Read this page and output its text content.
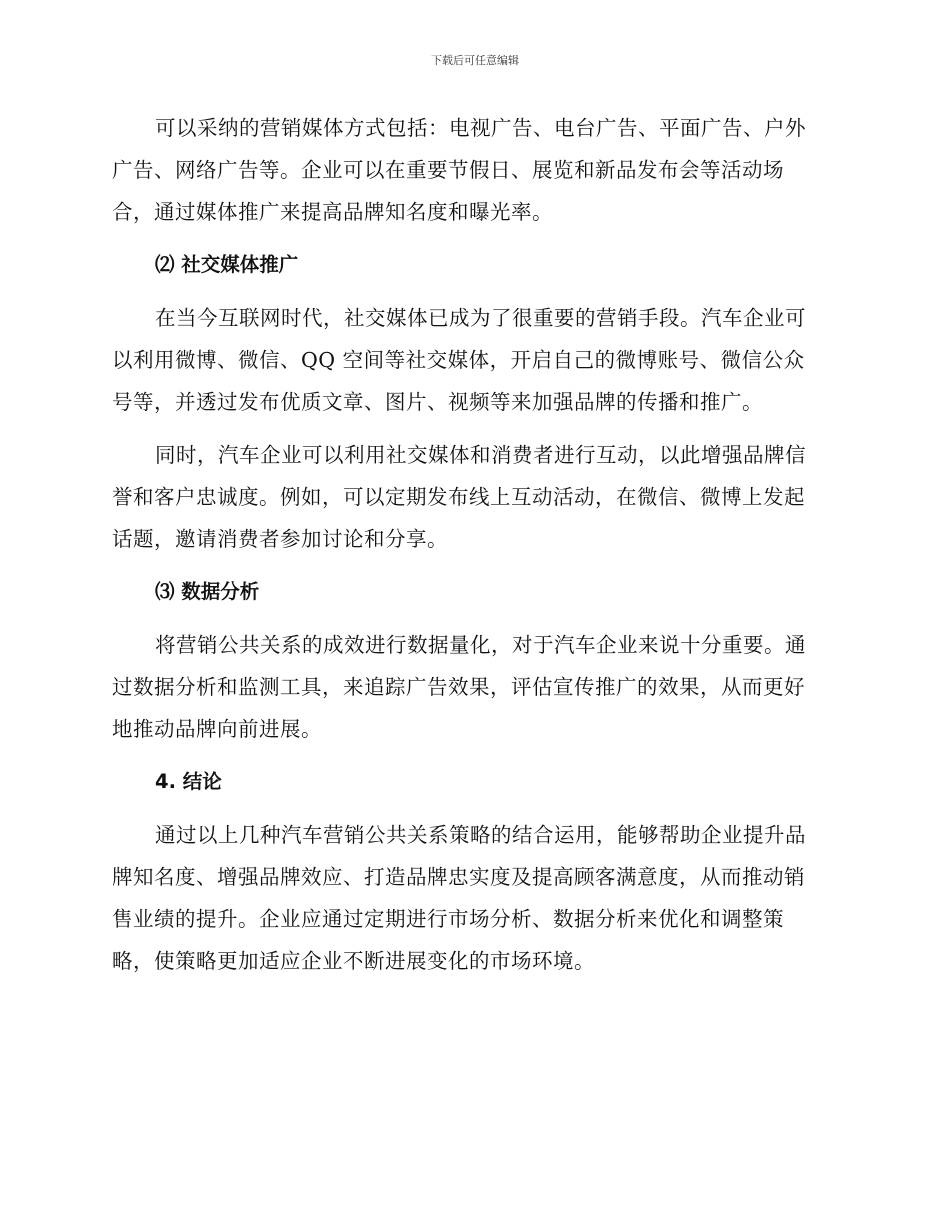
下载后可任意编辑

可以采纳的营销媒体方式包括：电视广告、电台广告、平面广告、户外
广告、网络广告等。企业可以在重要节假日、展览和新品发布会等活动场
合，通过媒体推广来提高品牌知名度和曝光率。

⑵ 社交媒体推广

在当今互联网时代，社交媒体已成为了很重要的营销手段。汽车企业可
以利用微博、微信、QQ 空间等社交媒体，开启自己的微博账号、微信公众
号等，并透过发布优质文章、图片、视频等来加强品牌的传播和推广。

同时，汽车企业可以利用社交媒体和消费者进行互动，以此增强品牌信
誉和客户忠诚度。例如，可以定期发布线上互动活动，在微信、微博上发起
话题，邀请消费者参加讨论和分享。

⑶ 数据分析

将营销公共关系的成效进行数据量化，对于汽车企业来说十分重要。通
过数据分析和监测工具，来追踪广告效果，评估宣传推广的效果，从而更好
地推动品牌向前进展。

4. 结论

通过以上几种汽车营销公共关系策略的结合运用，能够帮助企业提升品
牌知名度、增强品牌效应、打造品牌忠实度及提高顾客满意度，从而推动销
售业绩的提升。企业应通过定期进行市场分析、数据分析来优化和调整策
略，使策略更加适应企业不断进展变化的市场环境。
